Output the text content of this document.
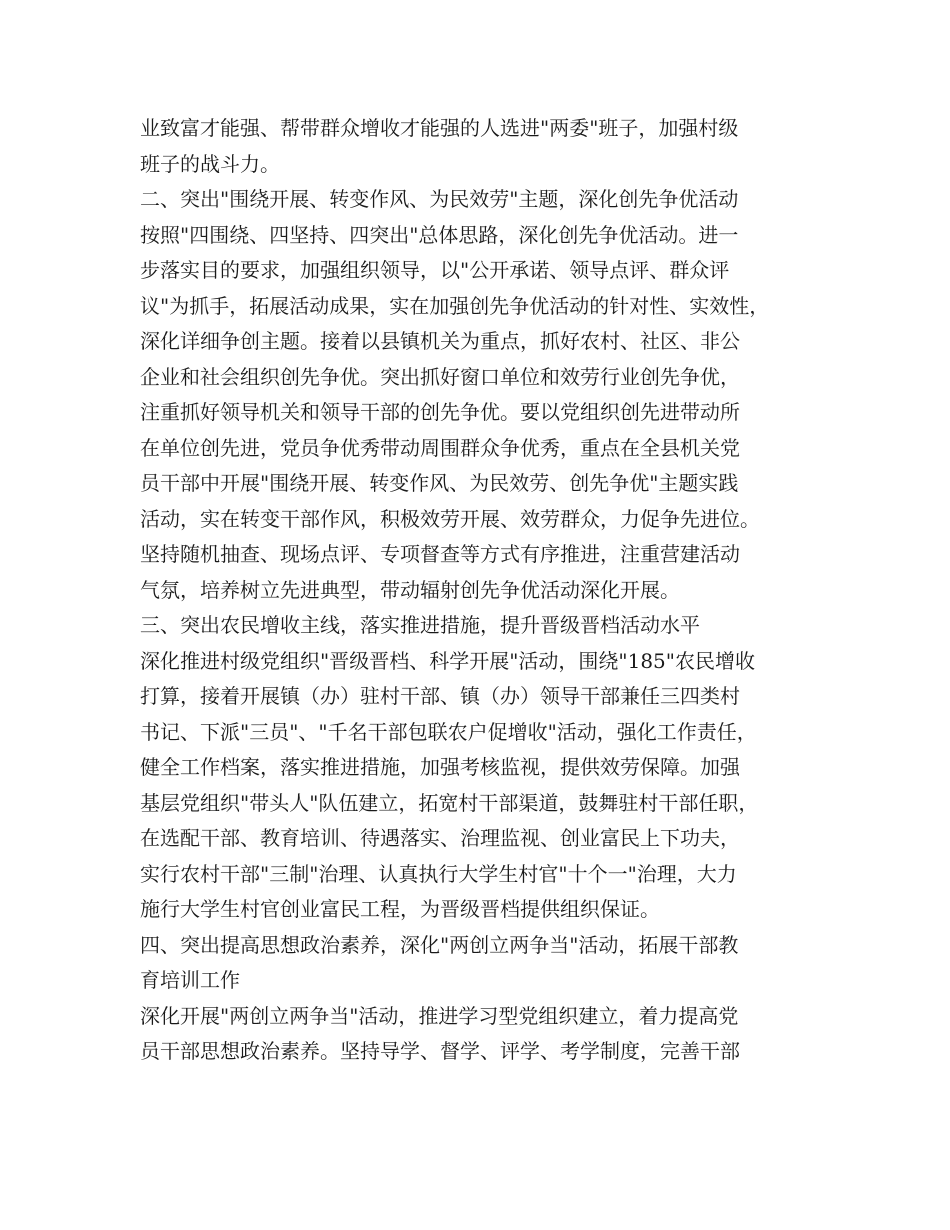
业致富才能强、帮带群众增收才能强的人选进"两委"班子，加强村级
班子的战斗力。
二、突出"围绕开展、转变作风、为民效劳"主题，深化创先争优活动
按照"四围绕、四坚持、四突出"总体思路，深化创先争优活动。进一
步落实目的要求，加强组织领导，以"公开承诺、领导点评、群众评
议"为抓手，拓展活动成果，实在加强创先争优活动的针对性、实效性，
深化详细争创主题。接着以县镇机关为重点，抓好农村、社区、非公
企业和社会组织创先争优。突出抓好窗口单位和效劳行业创先争优，
注重抓好领导机关和领导干部的创先争优。要以党组织创先进带动所
在单位创先进，党员争优秀带动周围群众争优秀，重点在全县机关党
员干部中开展"围绕开展、转变作风、为民效劳、创先争优"主题实践
活动，实在转变干部作风，积极效劳开展、效劳群众，力促争先进位。
坚持随机抽查、现场点评、专项督查等方式有序推进，注重营建活动
气氛，培养树立先进典型，带动辐射创先争优活动深化开展。
三、突出农民增收主线，落实推进措施，提升晋级晋档活动水平
深化推进村级党组织"晋级晋档、科学开展"活动，围绕"185"农民增收
打算，接着开展镇（办）驻村干部、镇（办）领导干部兼任三四类村
书记、下派"三员"、"千名干部包联农户促增收"活动，强化工作责任，
健全工作档案，落实推进措施，加强考核监视，提供效劳保障。加强
基层党组织"带头人"队伍建立，拓宽村干部渠道，鼓舞驻村干部任职，
在选配干部、教育培训、待遇落实、治理监视、创业富民上下功夫，
实行农村干部"三制"治理、认真执行大学生村官"十个一"治理，大力
施行大学生村官创业富民工程，为晋级晋档提供组织保证。
四、突出提高思想政治素养，深化"两创立两争当"活动，拓展干部教
育培训工作
深化开展"两创立两争当"活动，推进学习型党组织建立，着力提高党
员干部思想政治素养。坚持导学、督学、评学、考学制度，完善干部
